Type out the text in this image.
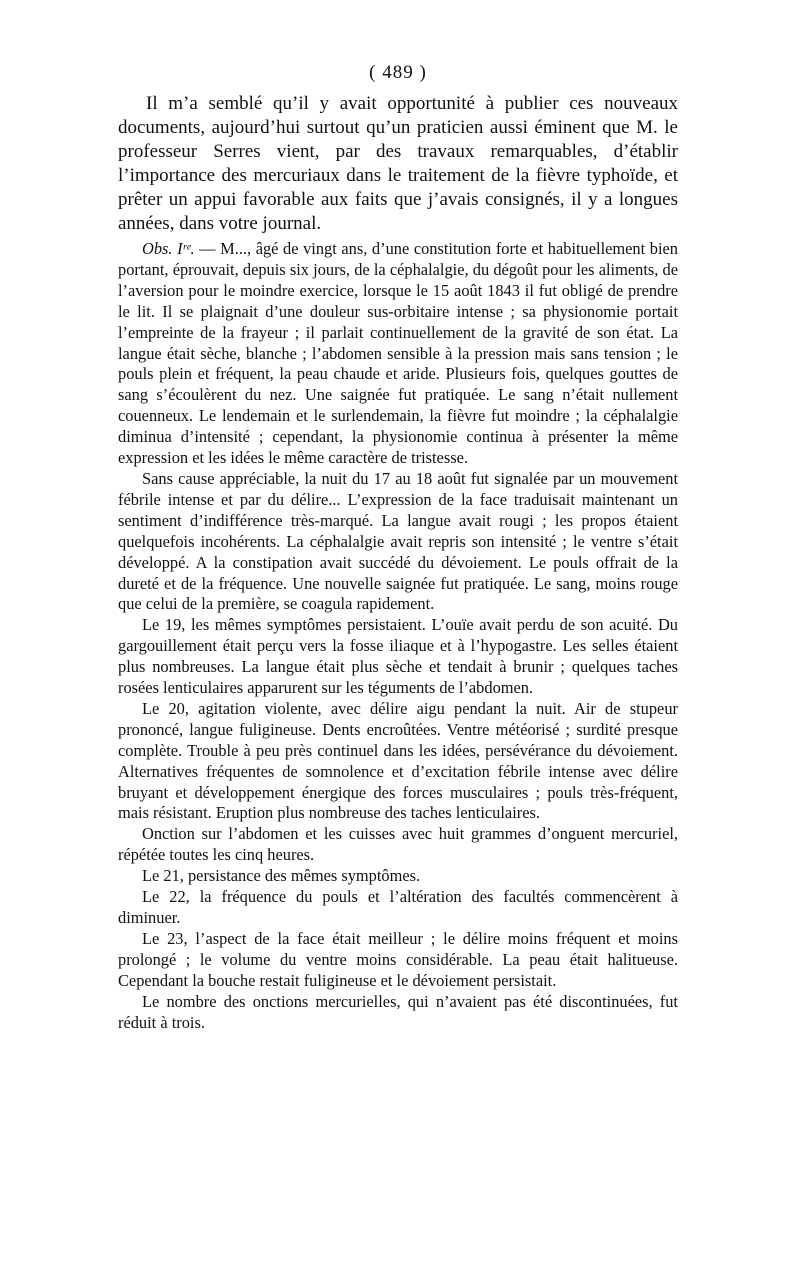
( 489 )

Il m’a semblé qu’il y avait opportunité à publier ces nouveaux documents, aujourd’hui surtout qu’un praticien aussi éminent que M. le professeur Serres vient, par des travaux remarquables, d’établir l’importance des mercuriaux dans le traitement de la fièvre typhoïde, et prêter un appui favorable aux faits que j’avais consignés, il y a longues années, dans votre journal.

Obs. Iʳᵉ. — M..., âgé de vingt ans, d’une constitution forte et habituellement bien portant, éprouvait, depuis six jours, de la céphalalgie, du dégoût pour les aliments, de l’aversion pour le moindre exercice, lorsque le 15 août 1843 il fut obligé de prendre le lit. Il se plaignait d’une douleur sus-orbitaire intense ; sa physionomie portait l’empreinte de la frayeur ; il parlait continuellement de la gravité de son état. La langue était sèche, blanche ; l’abdomen sensible à la pression mais sans tension ; le pouls plein et fréquent, la peau chaude et aride. Plusieurs fois, quelques gouttes de sang s’écoulèrent du nez. Une saignée fut pratiquée. Le sang n’était nullement couenneux. Le lendemain et le surlendemain, la fièvre fut moindre ; la céphalalgie diminua d’intensité ; cependant, la physionomie continua à présenter la même expression et les idées le même caractère de tristesse.

Sans cause appréciable, la nuit du 17 au 18 août fut signalée par un mouvement fébrile intense et par du délire... L’expression de la face traduisait maintenant un sentiment d’indifférence très-marqué. La langue avait rougi ; les propos étaient quelquefois incohérents. La céphalalgie avait repris son intensité ; le ventre s’était développé. A la constipation avait succédé du dévoiement. Le pouls offrait de la dureté et de la fréquence. Une nouvelle saignée fut pratiquée. Le sang, moins rouge que celui de la première, se coagula rapidement.

Le 19, les mêmes symptômes persistaient. L’ouïe avait perdu de son acuité. Du gargouillement était perçu vers la fosse iliaque et à l’hypogastre. Les selles étaient plus nombreuses. La langue était plus sèche et tendait à brunir ; quelques taches rosées lenticulaires apparurent sur les téguments de l’abdomen.

Le 20, agitation violente, avec délire aigu pendant la nuit. Air de stupeur prononcé, langue fuligineuse. Dents encroûtées. Ventre météorisé ; surdité presque complète. Trouble à peu près continuel dans les idées, persévérance du dévoiement. Alternatives fréquentes de somnolence et d’excitation fébrile intense avec délire bruyant et développement énergique des forces musculaires ; pouls très-fréquent, mais résistant. Eruption plus nombreuse des taches lenticulaires.

Onction sur l’abdomen et les cuisses avec huit grammes d’onguent mercuriel, répétée toutes les cinq heures.

Le 21, persistance des mêmes symptômes.

Le 22, la fréquence du pouls et l’altération des facultés commencèrent à diminuer.

Le 23, l’aspect de la face était meilleur ; le délire moins fréquent et moins prolongé ; le volume du ventre moins considérable. La peau était halitueuse. Cependant la bouche restait fuligineuse et le dévoiement persistait.

Le nombre des onctions mercurielles, qui n’avaient pas été discontinuées, fut réduit à trois.
